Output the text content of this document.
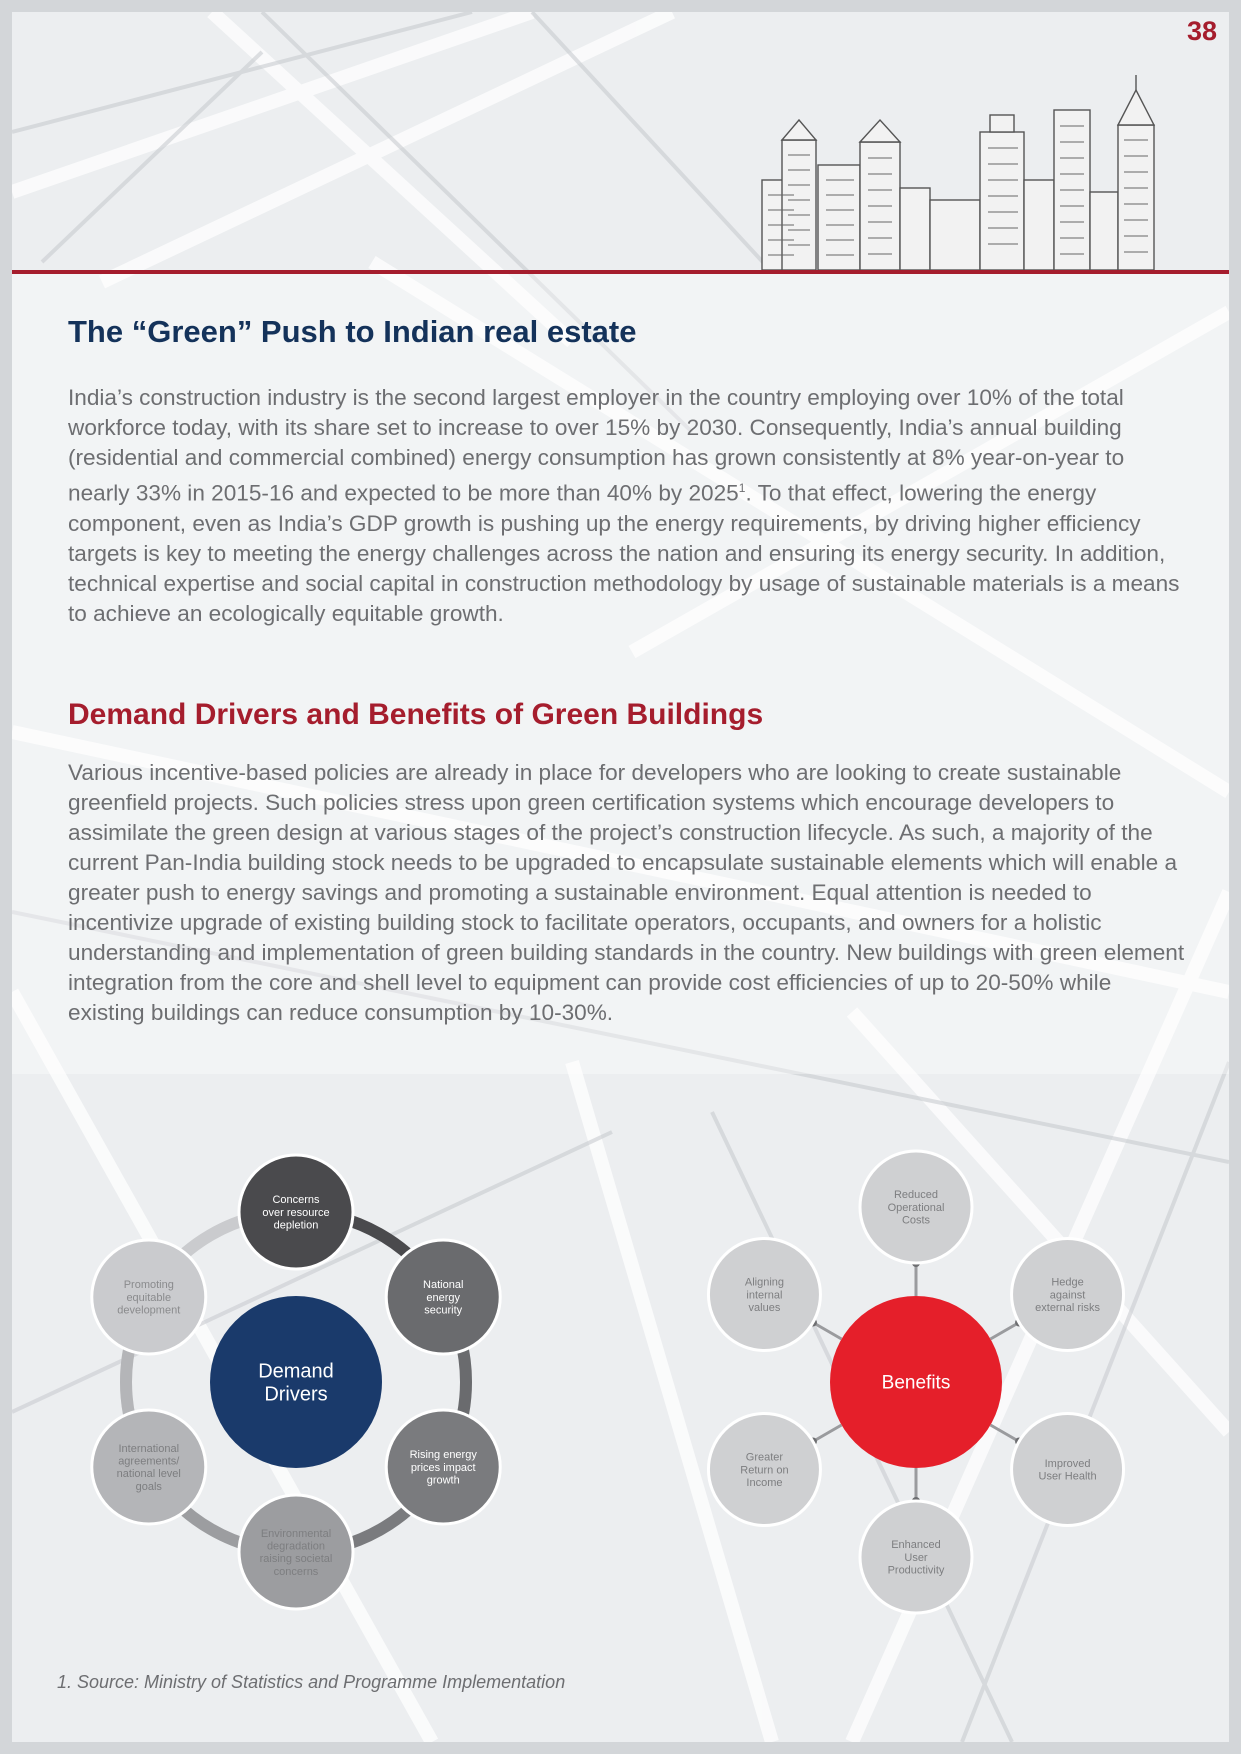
38
The “Green” Push to Indian real estate

India’s construction industry is the second largest employer in the country employing over 10% of the total workforce today, with its share set to increase to over 15% by 2030. Consequently, India’s annual building (residential and commercial combined) energy consumption has grown consistently at 8% year-on-year to nearly 33% in 2015-16 and expected to be more than 40% by 2025$^1$. To that effect, lowering the energy component, even as India’s GDP growth is pushing up the energy requirements, by driving higher efficiency targets is key to meeting the energy challenges across the nation and ensuring its energy security. In addition, technical expertise and social capital in construction methodology by usage of sustainable materials is a means to achieve an ecologically equitable growth.

Demand Drivers and Benefits of Green Buildings

Various incentive-based policies are already in place for developers who are looking to create sustainable greenfield projects. Such policies stress upon green certification systems which encourage developers to assimilate the green design at various stages of the project’s construction lifecycle. As such, a majority of the current Pan-India building stock needs to be upgraded to encapsulate sustainable elements which will enable a greater push to energy savings and promoting a sustainable environment. Equal attention is needed to incentivize upgrade of existing building stock to facilitate operators, occupants, and owners for a holistic understanding and implementation of green building standards in the country. New buildings with green element integration from the core and shell level to equipment can provide cost efficiencies of up to 20-50% while existing buildings can reduce consumption by 10-30%.

Concerns over resource depletion
National energy security
Rising energy prices impact growth
Environmental degradation raising societal concerns
International agreements/ national level goals
Promoting equitable development
Demand Drivers
Reduced Operational Costs
Hedge against external risks
Improved User Health
Enhanced User Productivity
Greater Return on Income
Aligning internal values
Benefits

1. Source: Ministry of Statistics and Programme Implementation
